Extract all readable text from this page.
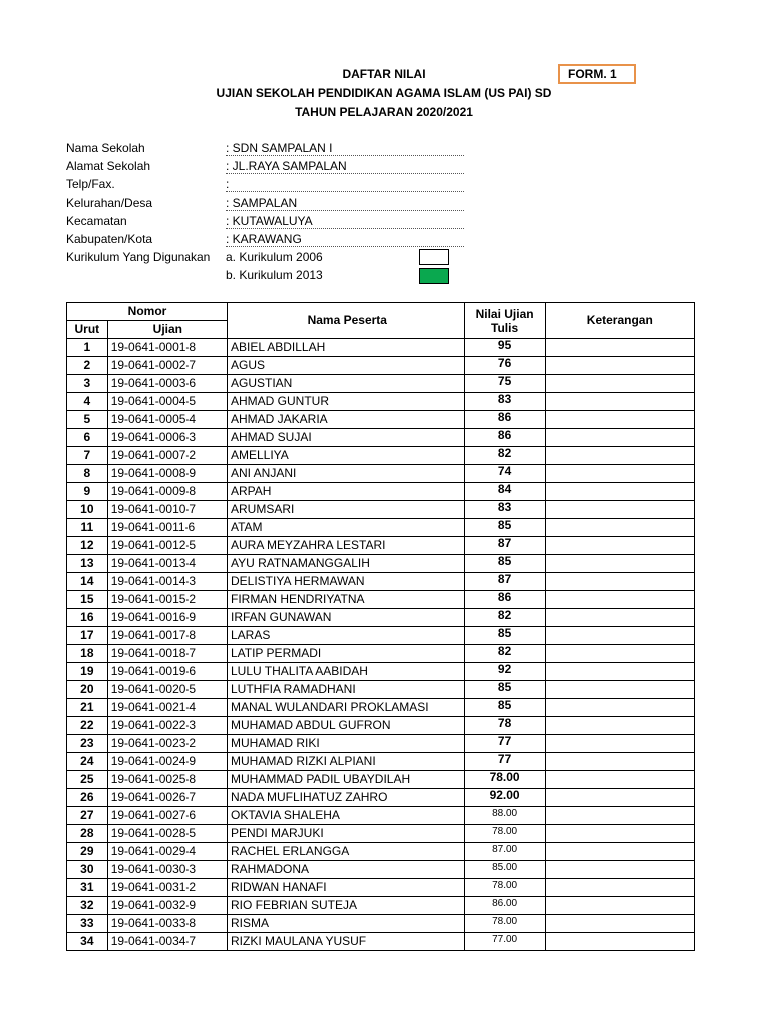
DAFTAR NILAI
UJIAN SEKOLAH PENDIDIKAN AGAMA ISLAM (US PAI) SD
TAHUN PELAJARAN 2020/2021
FORM. 1
Nama Sekolah	: SDN SAMPALAN I
Alamat Sekolah	: JL.RAYA SAMPALAN
Telp/Fax.	:
Kelurahan/Desa	: SAMPALAN
Kecamatan	: KUTAWALUYA
Kabupaten/Kota	: KARAWANG
Kurikulum Yang Digunakan a. Kurikulum 2006
b. Kurikulum 2013
Nomor		Nama Peserta	Nilai Ujian Tulis	Keterangan
Urut	Ujian			
1	19-0641-0001-8	ABIEL ABDILLAH	95	
2	19-0641-0002-7	AGUS	76	
3	19-0641-0003-6	AGUSTIAN	75	
4	19-0641-0004-5	AHMAD GUNTUR	83	
5	19-0641-0005-4	AHMAD JAKARIA	86	
6	19-0641-0006-3	AHMAD SUJAI	86	
7	19-0641-0007-2	AMELLIYA	82	
8	19-0641-0008-9	ANI ANJANI	74	
9	19-0641-0009-8	ARPAH	84	
10	19-0641-0010-7	ARUMSARI	83	
11	19-0641-0011-6	ATAM	85	
12	19-0641-0012-5	AURA MEYZAHRA LESTARI	87	
13	19-0641-0013-4	AYU RATNAMANGGALIH	85	
14	19-0641-0014-3	DELISTIYA HERMAWAN	87	
15	19-0641-0015-2	FIRMAN HENDRIYATNA	86	
16	19-0641-0016-9	IRFAN GUNAWAN	82	
17	19-0641-0017-8	LARAS	85	
18	19-0641-0018-7	LATIP PERMADI	82	
19	19-0641-0019-6	LULU THALITA AABIDAH	92	
20	19-0641-0020-5	LUTHFIA RAMADHANI	85	
21	19-0641-0021-4	MANAL WULANDARI PROKLAMASI	85	
22	19-0641-0022-3	MUHAMAD ABDUL GUFRON	78	
23	19-0641-0023-2	MUHAMAD RIKI	77	
24	19-0641-0024-9	MUHAMAD RIZKI ALPIANI	77	
25	19-0641-0025-8	MUHAMMAD PADIL UBAYDILAH	78.00	
26	19-0641-0026-7	NADA MUFLIHATUZ ZAHRO	92.00	
27	19-0641-0027-6	OKTAVIA SHALEHA	88.00	
28	19-0641-0028-5	PENDI MARJUKI	78.00	
29	19-0641-0029-4	RACHEL ERLANGGA	87.00	
30	19-0641-0030-3	RAHMADONA	85.00	
31	19-0641-0031-2	RIDWAN HANAFI	78.00	
32	19-0641-0032-9	RIO FEBRIAN SUTEJA	86.00	
33	19-0641-0033-8	RISMA	78.00	
34	19-0641-0034-7	RIZKI MAULANA YUSUF	77.00	
